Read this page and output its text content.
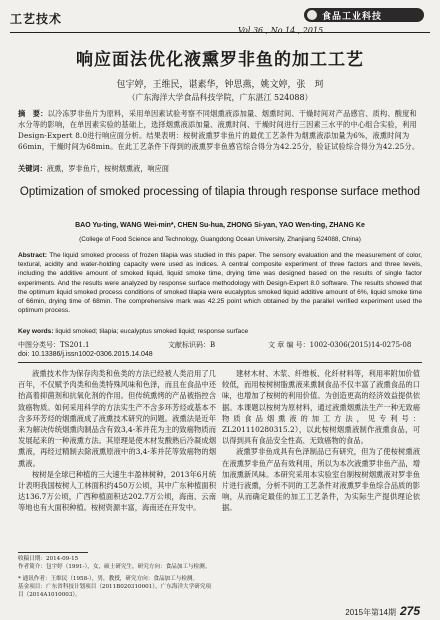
工艺技术	食品工业科技
Vol.36 , No.14 , 2015
响应面法优化液熏罗非鱼的加工工艺
包宇婷，王维民，谌素华，钟思燕，姚文婷，张　珂
（广东海洋大学食品科技学院，广东湛江 524088）
摘　要：以冷冻罗非鱼片为原料，采用单因素试验考察不同烟熏液添加量、烟熏时间、干燥时间对产品感官、质构、酸度和水分等的影响，在单因素实验的基础上，选择烟熏液添加量、液熏时间、干燥时间进行三因素三水平的中心组合实验，利用Design-Expert 8.0进行响应面分析。结果表明：桉树液熏罗非鱼片的最优工艺条件为烟熏液添加量为6%，液熏时间为66min，干燥时间为68min。在此工艺条件下得到的液熏罗非鱼感官综合得分为42.25分，验证试验综合得分为42.25分。
关键词：液熏，罗非鱼片，桉树烟熏液，响应面
Optimization of smoked processing of tilapia through response surface method
BAO Yu-ting, WANG Wei-min*, CHEN Su-hua, ZHONG Si-yan, YAO Wen-ting, ZHANG Ke
(College of Food Science and Technology, Guangdong Ocean University, Zhanjiang 524088, China)
Abstract: The liquid smoked process of frozen tilapia was studied in this paper. The sensory evaluation and the measurement of color, textural, acidity and water-holding capacity were used as indices. A central composite experiment of three factors and three levels, including the additive amount of smoked liquid, liquid smoke time, drying time was designed based on the results of single factor experiments. And the results were analyzed by response surface methodology with Design-Expert 8.0 software. The results showed that the optimum liquid smoked process conditions of smoked tilapia were eucalyptus smoked liquid additive amount of 6%, liquid smoke time of 66min, drying time of 68min. The comprehensive mark was 42.25 point which obtained by the parallel verified experiment used the optimum process.
Key words: liquid smoked; tilapia; eucalyptus smoked liquid; response surface
中图分类号：TS201.1	文献标识码：B	文 章 编 号：1002-0306(2015)14-0275-08
doi: 10.13386/j.issn1002-0306.2015.14.048

液熏技术作为保存肉类和鱼类的方法已经被人类沿用了几百年，不仅赋予肉类和鱼类特殊风味和色泽，而且在食品中还抬高着抑菌剂和抗氧化剂的作用。但传统熏烤的产品被指控含致癌物质。如何采用科学的方法实生产不含多环芳烃或基本不含多环芳烃的烟熏液成了液熏技术研究的问题。液熏法是近年来为解决传统烟熏肉制品含有致3,4-苯并芘为主的致癌物质而发展起来的一种液熏方法。其原理是使木材发酸熟后冷凝成烟熏液，再经过精制去除液熏原液中的3,4-苯并芘等致癌物的烟熏液。

桉树是全球已种植的三大速生丰盈林树种，2013年6月统计表明我国桉树人工林面积约450万公顷，其中广东种植面积达136.7万公顷，广西种植面积达202.7万公顷，海南、云南等地也有大面积种植。桉树资源丰富，海南还在开发中。

建材木材、木浆、纤维板、化纤材料等，利用率附加价值较低，而用桉树树脂熏液来熏制食品不仅丰富了液熏食品的口味，也增加了桉树的利用价值。为创造更高的经济效益提供依据。本课题以桉树为原材料，通过液熏烟熏法生产一种无致癌物质食品烟熏液的加工方法，见专利号：ZL201110280315.2），以此桉树烟熏液制作液熏食品，可以得到具有食品安全性高、无致癌物的食品。

液熏罗非鱼成具有色泽制品已有研究，但为了使桉树熏液在液熏罗非鱼产品有效利用，所以为本次液熏罗非鱼产品，增加液熏新风味。本研究采用本实验室自制桉树烟熏液对罗非鱼片进行液熏，分析不同的工艺条件对液熏罗非鱼综合品质的影响，从而确定最佳的加工工艺条件，为实际生产提供理论依据。

收稿日期：2014-09-15
作者简介：包宇婷（1991-），女，硕士研究生，研究方向：食品加工与检测。
* 通讯作者：王维民（1958-），男，教授，研究方向：食品加工与检测。
基金项目：广东省科技计划项目（2011B020310001），广东海洋大学研究项目（2014A1010003）。
2015年第14期 275
